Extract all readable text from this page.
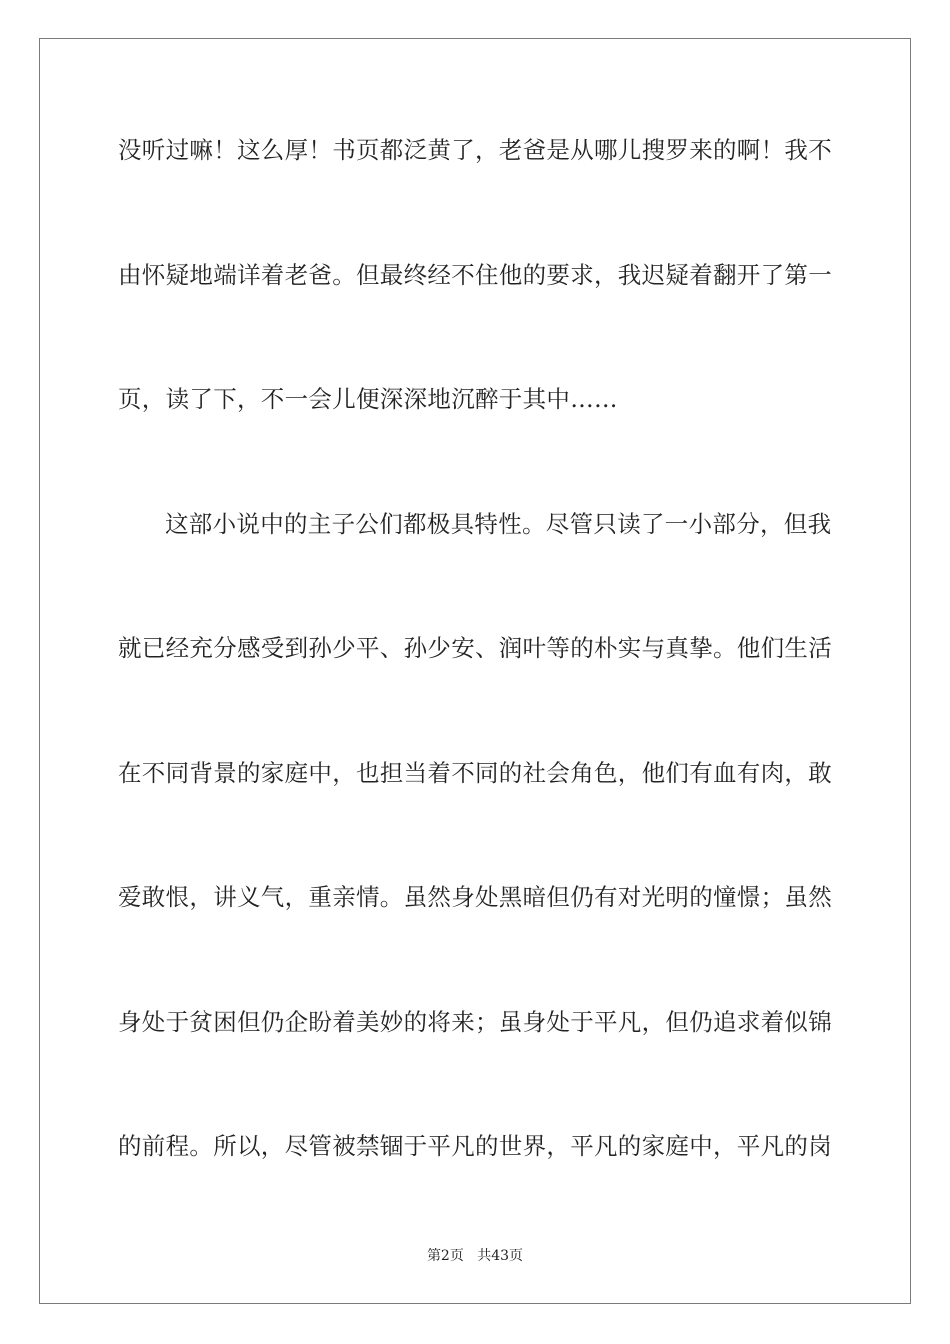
没听过嘛！这么厚！书页都泛黄了，老爸是从哪儿搜罗来的啊！我不
由怀疑地端详着老爸。但最终经不住他的要求，我迟疑着翻开了第一
页，读了下，不一会儿便深深地沉醉于其中……
这部小说中的主子公们都极具特性。尽管只读了一小部分，但我
就已经充分感受到孙少平、孙少安、润叶等的朴实与真挚。他们生活
在不同背景的家庭中，也担当着不同的社会角色，他们有血有肉，敢
爱敢恨，讲义气，重亲情。虽然身处黑暗但仍有对光明的憧憬；虽然
身处于贫困但仍企盼着美妙的将来；虽身处于平凡，但仍追求着似锦
的前程。所以，尽管被禁锢于平凡的世界，平凡的家庭中，平凡的岗
第2页 共43页
